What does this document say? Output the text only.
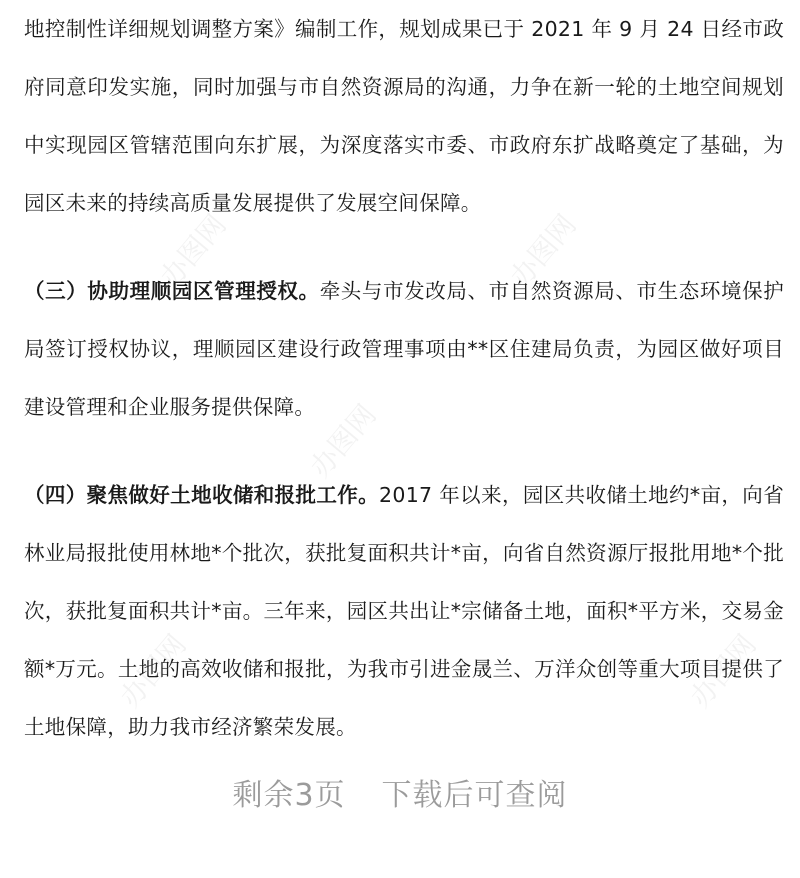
地控制性详细规划调整方案》编制工作，规划成果已于 2021 年 9 月 24 日经市政府同意印发实施，同时加强与市自然资源局的沟通，力争在新一轮的土地空间规划中实现园区管辖范围向东扩展，为深度落实市委、市政府东扩战略奠定了基础，为园区未来的持续高质量发展提供了发展空间保障。

（三）协助理顺园区管理授权。牵头与市发改局、市自然资源局、市生态环境保护局签订授权协议，理顺园区建设行政管理事项由**区住建局负责，为园区做好项目建设管理和企业服务提供保障。

（四）聚焦做好土地收储和报批工作。2017 年以来，园区共收储土地约*亩，向省林业局报批使用林地*个批次，获批复面积共计*亩，向省自然资源厅报批用地*个批次，获批复面积共计*亩。三年来，园区共出让*宗储备土地，面积*平方米，交易金额*万元。土地的高效收储和报批，为我市引进金晟兰、万洋众创等重大项目提供了土地保障，助力我市经济繁荣发展。

剩余3页 下载后可查阅
办图网	办图网
办图网
办图网	办图网
